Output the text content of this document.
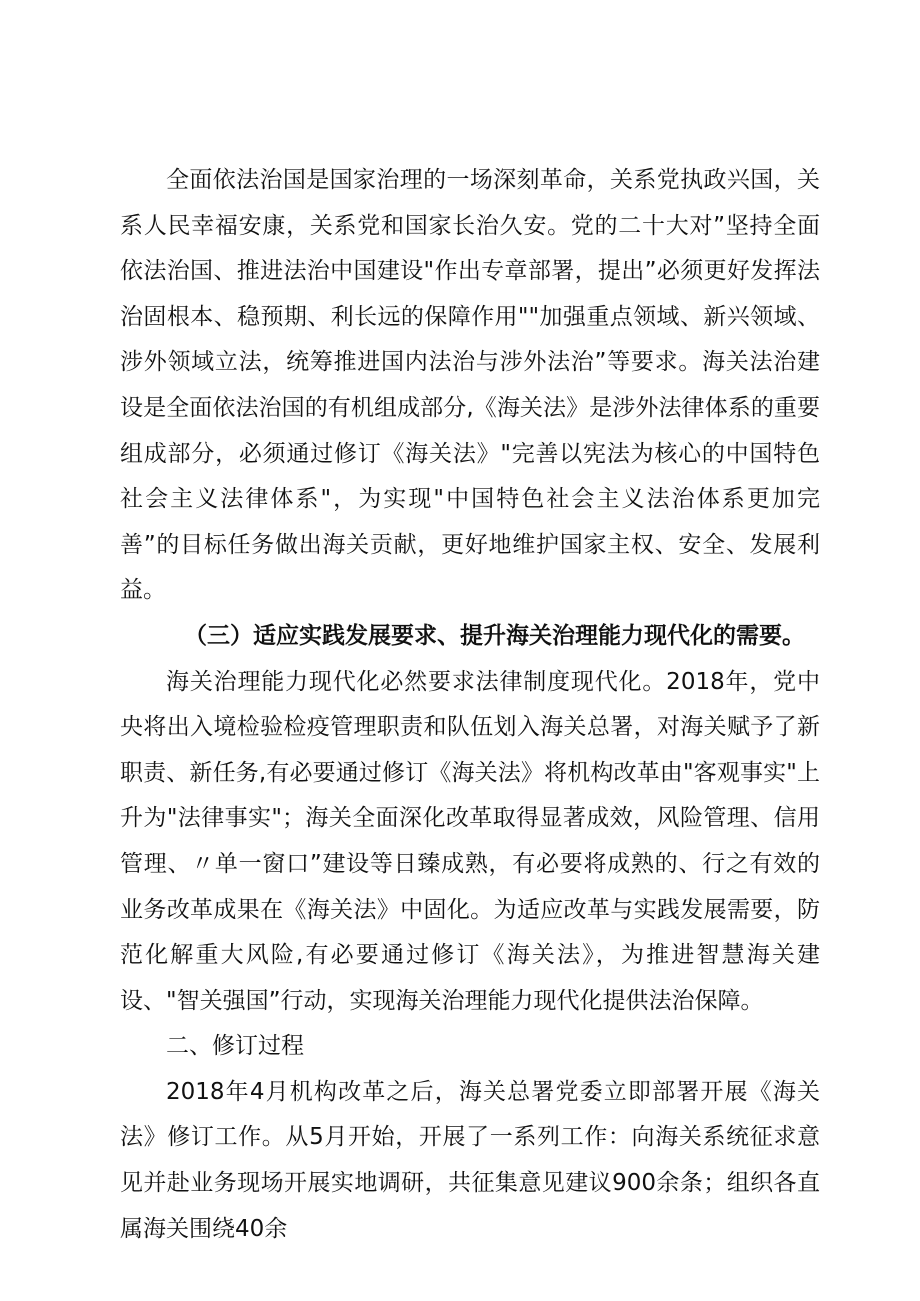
全面依法治国是国家治理的一场深刻革命，关系党执政兴国，关系人民幸福安康，关系党和国家长治久安。党的二十大对”坚持全面依法治国、推进法治中国建设"作出专章部署，提出”必须更好发挥法治固根本、稳预期、利长远的保障作用""加强重点领域、新兴领域、涉外领域立法，统筹推进国内法治与涉外法治”等要求。海关法治建设是全面依法治国的有机组成部分,《海关法》是涉外法律体系的重要组成部分，必须通过修订《海关法》"完善以宪法为核心的中国特色社会主义法律体系"，为实现"中国特色社会主义法治体系更加完善”的目标任务做出海关贡献，更好地维护国家主权、安全、发展利益。

（三）适应实践发展要求、提升海关治理能力现代化的需要。

海关治理能力现代化必然要求法律制度现代化。2018年，党中央将出入境检验检疫管理职责和队伍划入海关总署，对海关赋予了新职责、新任务,有必要通过修订《海关法》将机构改革由"客观事实"上升为"法律事实"；海关全面深化改革取得显著成效，风险管理、信用管理、〃单一窗口”建设等日臻成熟，有必要将成熟的、行之有效的业务改革成果在《海关法》中固化。为适应改革与实践发展需要，防范化解重大风险,有必要通过修订《海关法》，为推进智慧海关建设、"智关强国”行动，实现海关治理能力现代化提供法治保障。

二、修订过程

2018年4月机构改革之后，海关总署党委立即部署开展《海关法》修订工作。从5月开始，开展了一系列工作：向海关系统征求意见并赴业务现场开展实地调研，共征集意见建议900余条；组织各直属海关围绕40余
